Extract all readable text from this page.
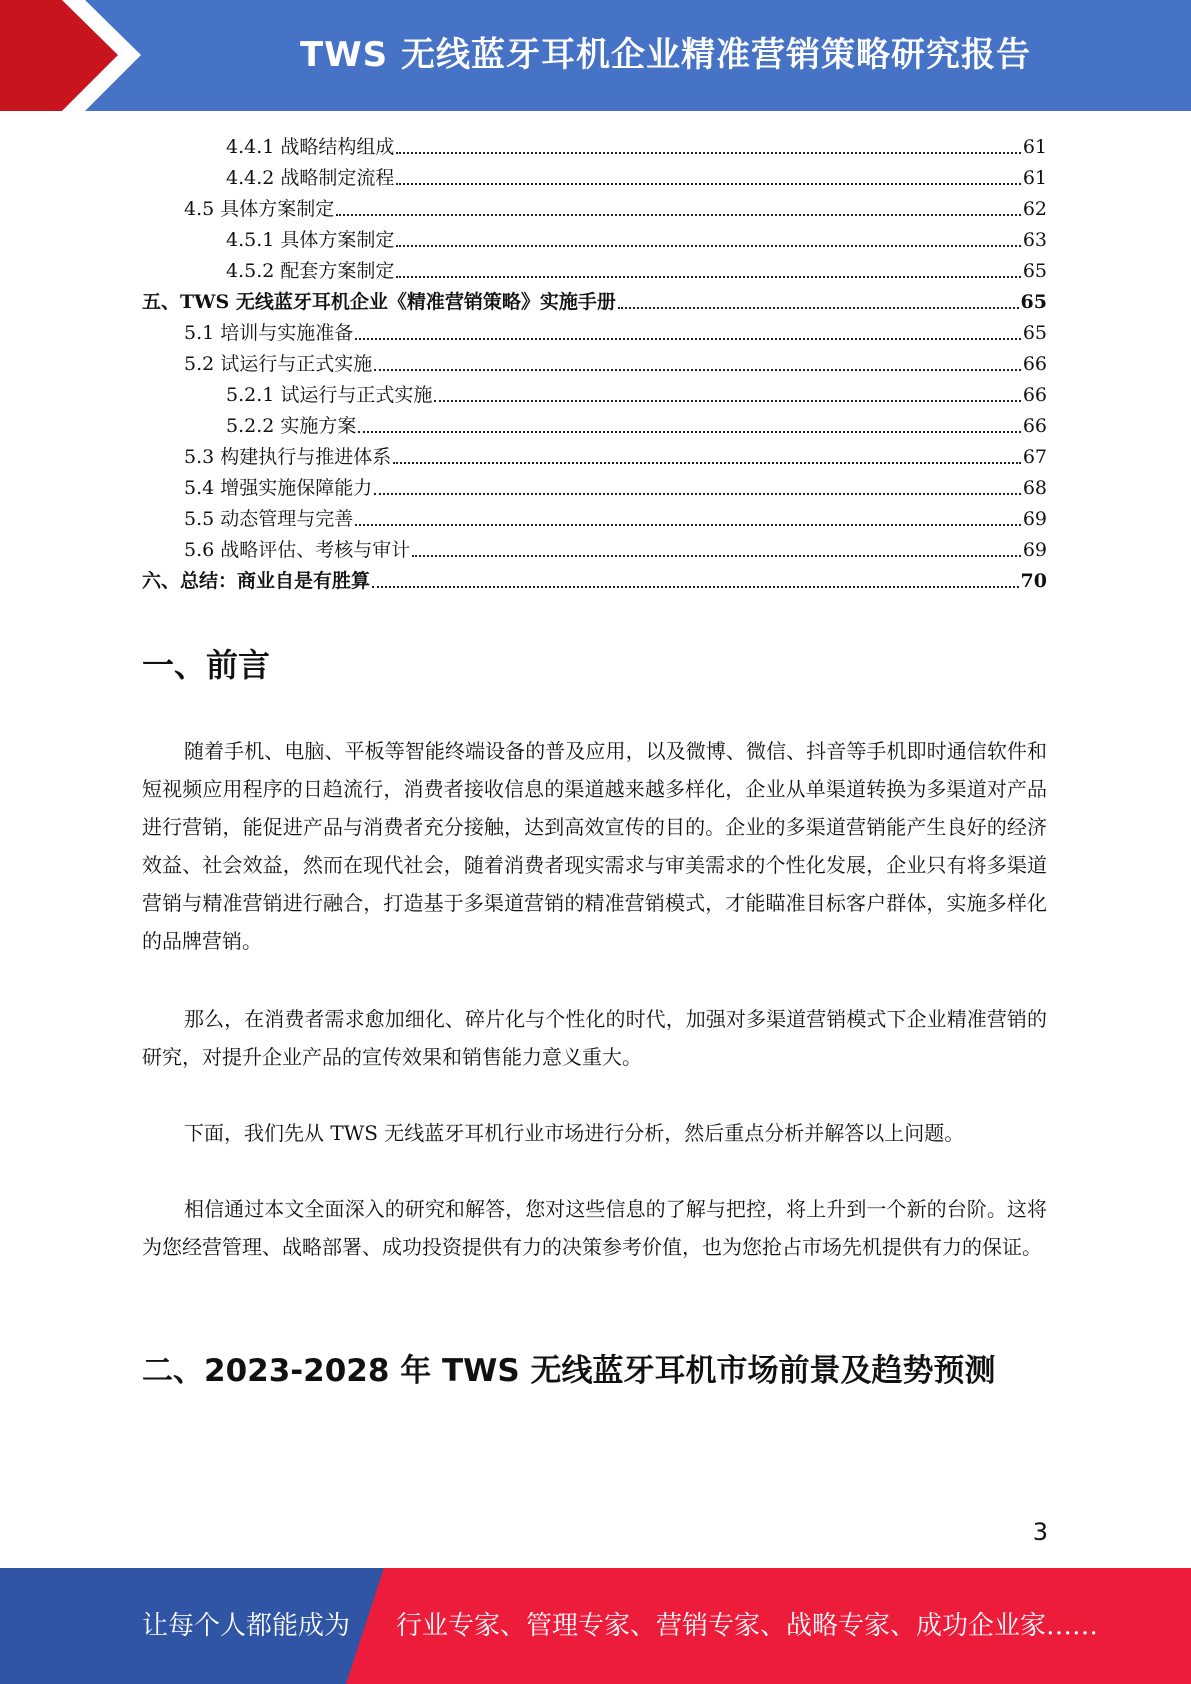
TWS 无线蓝牙耳机企业精准营销策略研究报告
4.4.1 战略结构组成	61
4.4.2 战略制定流程	61
4.5 具体方案制定	62
4.5.1 具体方案制定	63
4.5.2 配套方案制定	65
五、TWS 无线蓝牙耳机企业《精准营销策略》实施手册	65
5.1 培训与实施准备	65
5.2 试运行与正式实施	66
5.2.1 试运行与正式实施	66
5.2.2 实施方案	66
5.3 构建执行与推进体系	67
5.4 增强实施保障能力	68
5.5 动态管理与完善	69
5.6 战略评估、考核与审计	69
六、总结：商业自是有胜算	70
一、前言

随着手机、电脑、平板等智能终端设备的普及应用，以及微博、微信、抖音等手机即时通信软件和短视频应用程序的日趋流行，消费者接收信息的渠道越来越多样化，企业从单渠道转换为多渠道对产品进行营销，能促进产品与消费者充分接触，达到高效宣传的目的。企业的多渠道营销能产生良好的经济效益、社会效益，然而在现代社会，随着消费者现实需求与审美需求的个性化发展，企业只有将多渠道营销与精准营销进行融合，打造基于多渠道营销的精准营销模式，才能瞄准目标客户群体，实施多样化的品牌营销。

那么，在消费者需求愈加细化、碎片化与个性化的时代，加强对多渠道营销模式下企业精准营销的研究，对提升企业产品的宣传效果和销售能力意义重大。

下面，我们先从 TWS 无线蓝牙耳机行业市场进行分析，然后重点分析并解答以上问题。

相信通过本文全面深入的研究和解答，您对这些信息的了解与把控，将上升到一个新的台阶。这将为您经营管理、战略部署、成功投资提供有力的决策参考价值，也为您抢占市场先机提供有力的保证。

二、2023-2028 年 TWS 无线蓝牙耳机市场前景及趋势预测
3
让每个人都能成为 行业专家、管理专家、营销专家、战略专家、成功企业家……
